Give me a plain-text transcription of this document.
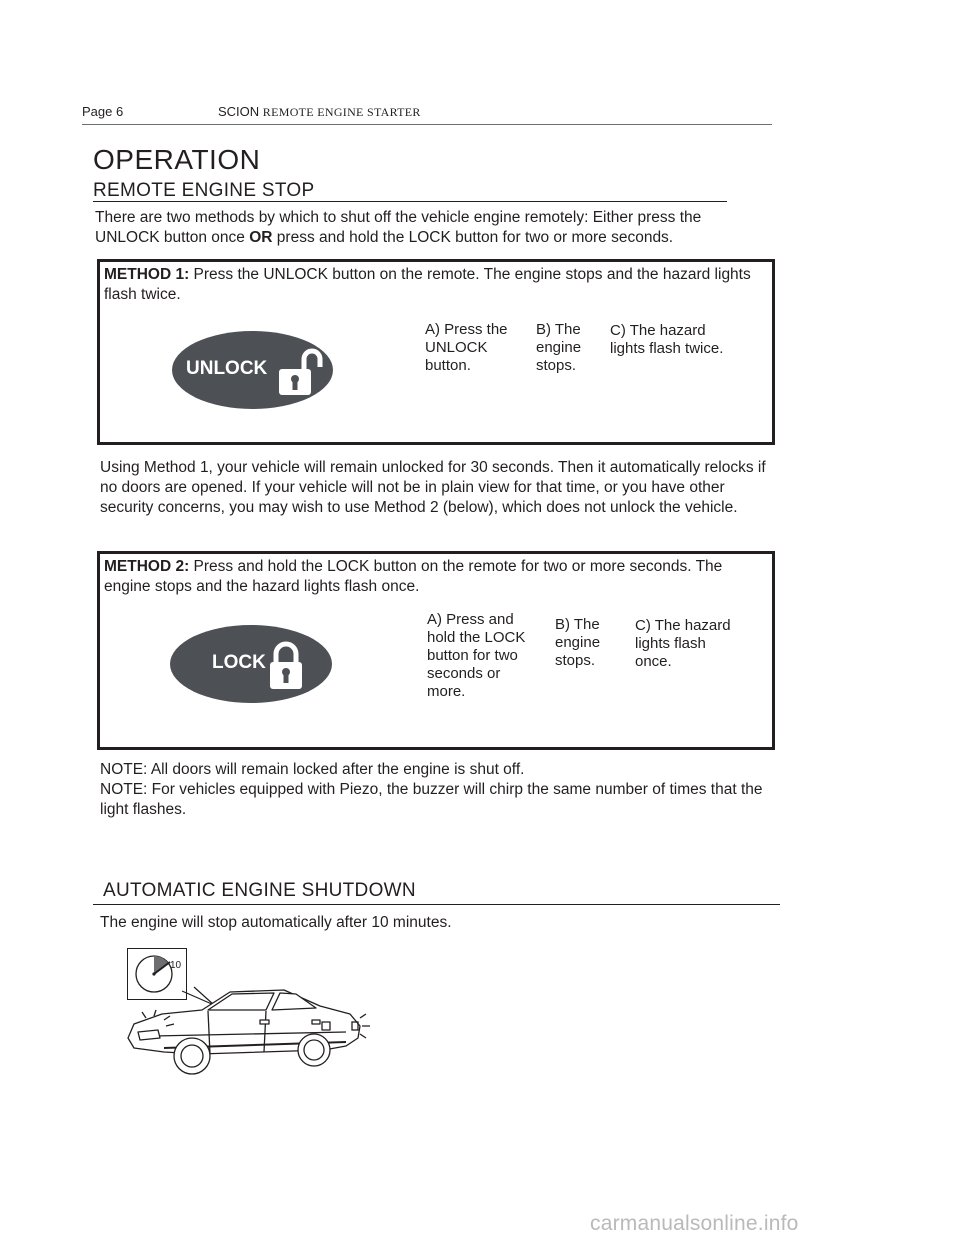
Page 6	SCION REMOTE ENGINE STARTER
OPERATION
REMOTE ENGINE STOP
There are two methods by which to shut off the vehicle engine remotely: Either press the UNLOCK button once OR press and hold the LOCK button for two or more seconds.
METHOD 1: Press the UNLOCK button on the remote. The engine stops and the hazard lights flash twice.
UNLOCK
A) Press the UNLOCK button.
B) The engine stops.
C) The hazard lights flash twice.
Using Method 1, your vehicle will remain unlocked for 30 seconds. Then it automatically relocks if no doors are opened. If your vehicle will not be in plain view for that time, or you have other security concerns, you may wish to use Method 2 (below), which does not unlock the vehicle.
METHOD 2: Press and hold the LOCK button on the remote for two or more seconds. The engine stops and the hazard lights flash once.
LOCK
A) Press and hold the LOCK button for two seconds or more.
B) The engine stops.
C) The hazard lights flash once.
NOTE: All doors will remain locked after the engine is shut off.
NOTE: For vehicles equipped with Piezo, the buzzer will chirp the same number of times that the light flashes.
AUTOMATIC ENGINE SHUTDOWN
The engine will stop automatically after 10 minutes.
10
carmanualsonline.info
